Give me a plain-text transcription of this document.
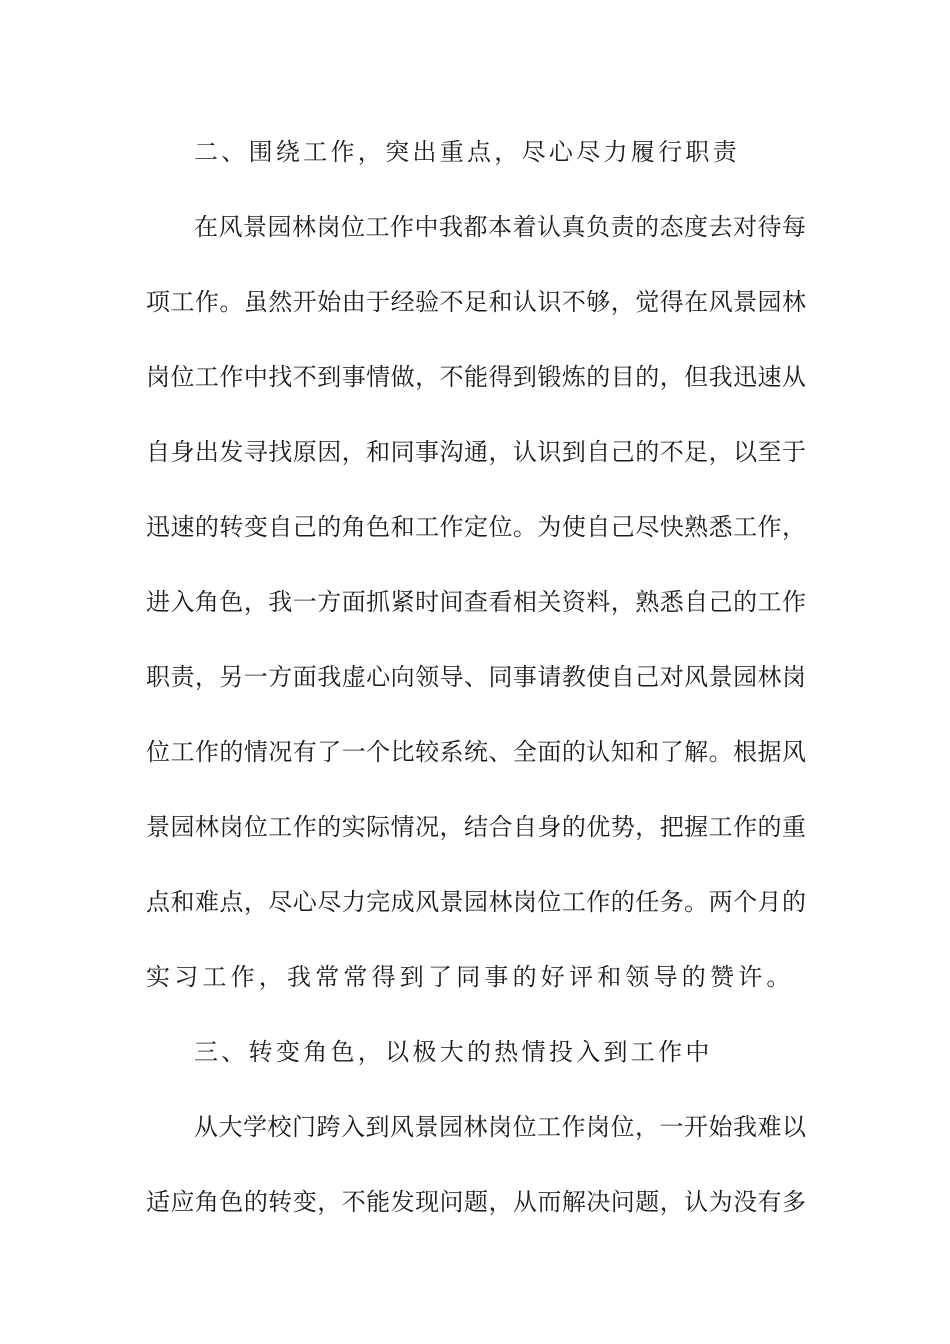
二、围绕工作，突出重点，尽心尽力履行职责
在风景园林岗位工作中我都本着认真负责的态度去对待每
项工作。虽然开始由于经验不足和认识不够，觉得在风景园林
岗位工作中找不到事情做，不能得到锻炼的目的，但我迅速从
自身出发寻找原因，和同事沟通，认识到自己的不足，以至于
迅速的转变自己的角色和工作定位。为使自己尽快熟悉工作，
进入角色，我一方面抓紧时间查看相关资料，熟悉自己的工作
职责，另一方面我虚心向领导、同事请教使自己对风景园林岗
位工作的情况有了一个比较系统、全面的认知和了解。根据风
景园林岗位工作的实际情况，结合自身的优势，把握工作的重
点和难点，尽心尽力完成风景园林岗位工作的任务。两个月的
实习工作，我常常得到了同事的好评和领导的赞许。
三、转变角色，以极大的热情投入到工作中
从大学校门跨入到风景园林岗位工作岗位，一开始我难以
适应角色的转变，不能发现问题，从而解决问题，认为没有多
